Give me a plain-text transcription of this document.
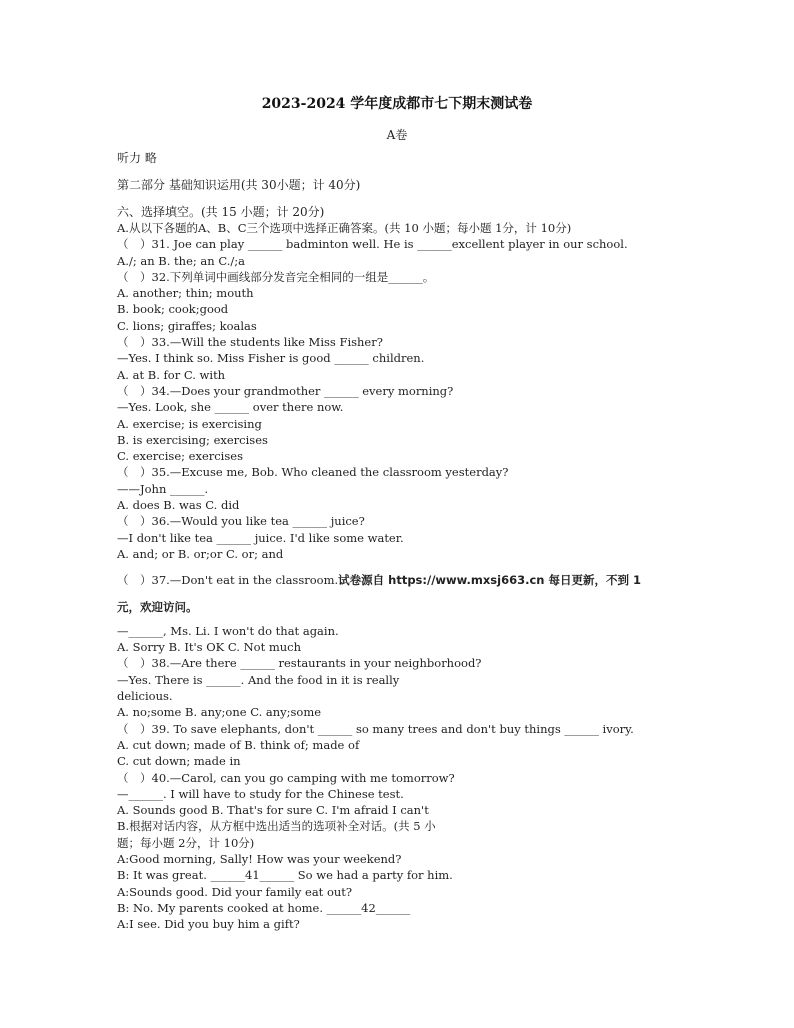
2023-2024 学年度成都市七下期末测试卷
A卷
听力 略
第二部分 基础知识运用(共 30小题；计 40分)
六、选择填空。(共 15 小题；计 20分)
A.从以下各题的A、B、C三个选项中选择正确答案。(共 10 小题；每小题 1分，计 10分)
（　）31. Joe can play ______ badminton well. He is ______excellent player in our school.
A./; an B. the; an C./;a
（　）32.下列单词中画线部分发音完全相同的一组是______。
A. another; thin; mouth
B. book; cook;good
C. lions; giraffes; koalas
（　）33.—Will the students like Miss Fisher?
—Yes. I think so. Miss Fisher is good ______ children.
A. at B. for C. with
（　）34.—Does your grandmother ______ every morning?
—Yes. Look, she ______ over there now.
A. exercise; is exercising
B. is exercising; exercises
C. exercise; exercises
（　）35.—Excuse me, Bob. Who cleaned the classroom yesterday?
——John ______.
A. does B. was C. did
（　）36.—Would you like tea ______ juice?
—I don't like tea ______ juice. I'd like some water.
A. and; or B. or;or C. or; and
（　）37.—Don't eat in the classroom.试卷源自 https://www.mxsj663.cn 每日更新，不到 1
元，欢迎访问。
—______, Ms. Li. I won't do that again.
A. Sorry B. It's OK C. Not much
（　）38.—Are there ______ restaurants in your neighborhood?
—Yes. There is ______. And the food in it is really
delicious.
A. no;some B. any;one C. any;some
（　）39. To save elephants, don't ______ so many trees and don't buy things ______ ivory.
A. cut down; made of B. think of; made of
C. cut down; made in
（　）40.—Carol, can you go camping with me tomorrow?
—______. I will have to study for the Chinese test.
A. Sounds good B. That's for sure C. I'm afraid I can't
B.根据对话内容，从方框中选出适当的选项补全对话。(共 5 小
题；每小题 2分，计 10分)
A:Good morning, Sally! How was your weekend?
B: It was great. ______41______ So we had a party for him.
A:Sounds good. Did your family eat out?
B: No. My parents cooked at home. ______42______
A:I see. Did you buy him a gift?
